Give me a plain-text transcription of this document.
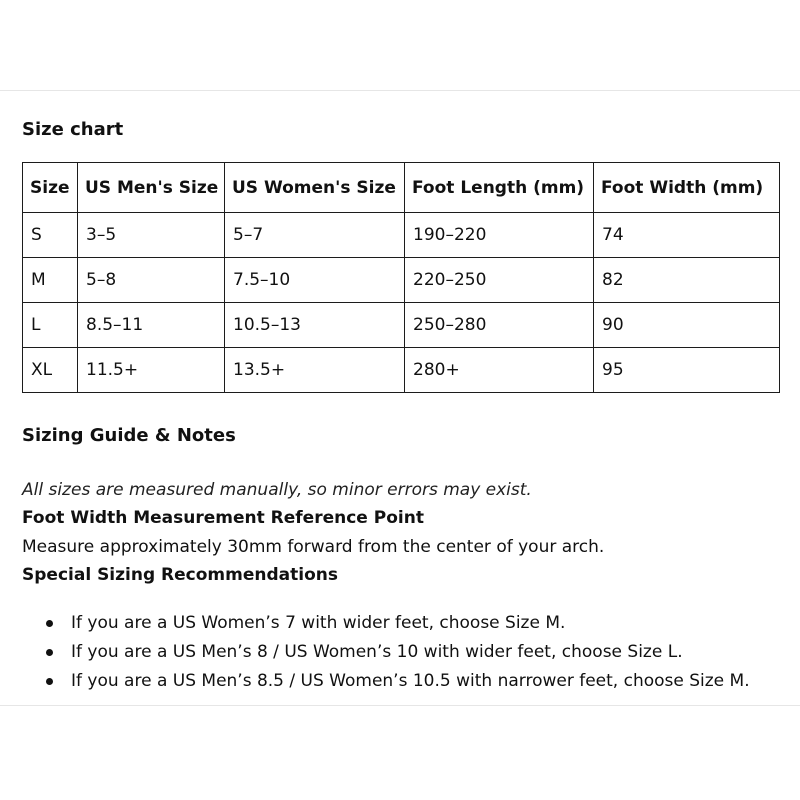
Size chart
Size	US Men's Size	US Women's Size	Foot Length (mm)	Foot Width (mm)
S	3–5	5–7	190–220	74
M	5–8	7.5–10	220–250	82
L	8.5–11	10.5–13	250–280	90
XL	11.5+	13.5+	280+	95
Sizing Guide & Notes
All sizes are measured manually, so minor errors may exist.
Foot Width Measurement Reference Point
Measure approximately 30mm forward from the center of your arch.
Special Sizing Recommendations
If you are a US Women’s 7 with wider feet, choose Size M.
If you are a US Men’s 8 / US Women’s 10 with wider feet, choose Size L.
If you are a US Men’s 8.5 / US Women’s 10.5 with narrower feet, choose Size M.
